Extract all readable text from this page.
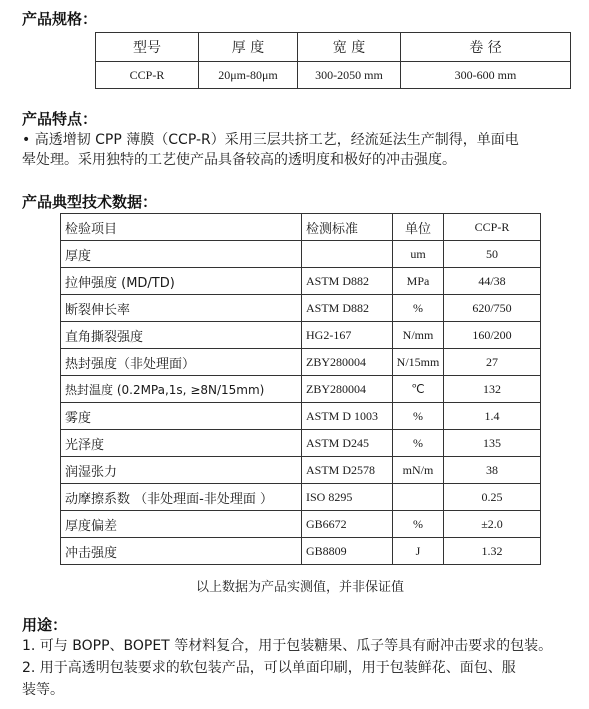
产品规格：
型号	厚 度	宽 度	卷 径
CCP-R	20μm-80μm	300-2050 mm	300-600 mm
产品特点：
• 高透增韧 CPP 薄膜（CCP-R）采用三层共挤工艺，经流延法生产制得，单面电
晕处理。采用独特的工艺使产品具备较高的透明度和极好的冲击强度。
产品典型技术数据：
检验项目	检测标准	单位	CCP-R
厚度		um	50
拉伸强度 (MD/TD)	ASTM D882	MPa	44/38
断裂伸长率	ASTM D882	%	620/750
直角撕裂强度	HG2-167	N/mm	160/200
热封强度（非处理面）	ZBY280004	N/15mm	27
热封温度 (0.2MPa,1s, ≥8N/15mm)	ZBY280004	℃	132
雾度	ASTM D 1003	%	1.4
光泽度	ASTM D245	%	135
润湿张力	ASTM D2578	mN/m	38
动摩擦系数 （非处理面-非处理面 ）	ISO 8295		0.25
厚度偏差	GB6672	%	±2.0
冲击强度	GB8809	J	1.32
以上数据为产品实测值，并非保证值
用途：
1. 可与 BOPP、BOPET 等材料复合，用于包装糖果、瓜子等具有耐冲击要求的包装。
2. 用于高透明包装要求的软包装产品，可以单面印刷，用于包装鲜花、面包、服
装等。
